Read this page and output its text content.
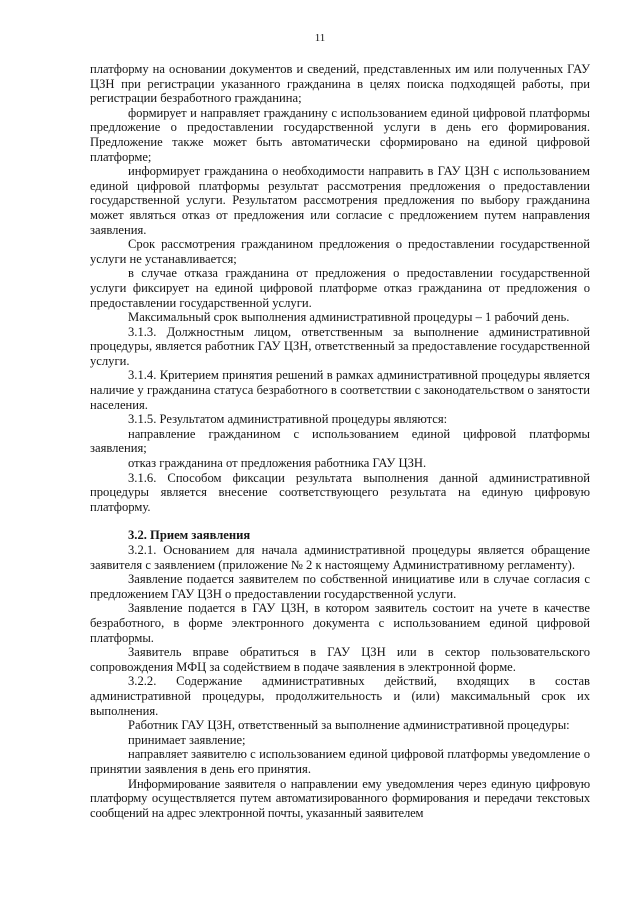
11

платформу на основании документов и сведений, представленных им или полученных ГАУ ЦЗН при регистрации указанного гражданина в целях поиска подходящей работы, при регистрации безработного гражданина;

формирует и направляет гражданину с использованием единой цифровой платформы предложение о предоставлении государственной услуги в день его формирования. Предложение также может быть автоматически сформировано на единой цифровой платформе;

информирует гражданина о необходимости направить в ГАУ ЦЗН с использованием единой цифровой платформы результат рассмотрения предложения о предоставлении государственной услуги. Результатом рассмотрения предложения по выбору гражданина может являться отказ от предложения или согласие с предложением путем направления заявления.

Срок рассмотрения гражданином предложения о предоставлении государственной услуги не устанавливается;

в случае отказа гражданина от предложения о предоставлении государственной услуги фиксирует на единой цифровой платформе отказ гражданина от предложения о предоставлении государственной услуги.

Максимальный срок выполнения административной процедуры – 1 рабочий день.

3.1.3. Должностным лицом, ответственным за выполнение административной процедуры, является работник ГАУ ЦЗН, ответственный за предоставление государственной услуги.

3.1.4. Критерием принятия решений в рамках административной процедуры является наличие у гражданина статуса безработного в соответствии с законодательством о занятости населения.

3.1.5. Результатом административной процедуры являются:

направление гражданином с использованием единой цифровой платформы заявления;

отказ гражданина от предложения работника ГАУ ЦЗН.

3.1.6. Способом фиксации результата выполнения данной административной процедуры является внесение соответствующего результата на единую цифровую платформу.

3.2. Прием заявления

3.2.1. Основанием для начала административной процедуры является обращение заявителя с заявлением (приложение № 2 к настоящему Административному регламенту).

Заявление подается заявителем по собственной инициативе или в случае согласия с предложением ГАУ ЦЗН о предоставлении государственной услуги.

Заявление подается в ГАУ ЦЗН, в котором заявитель состоит на учете в качестве безработного, в форме электронного документа с использованием единой цифровой платформы.

Заявитель вправе обратиться в ГАУ ЦЗН или в сектор пользовательского сопровождения МФЦ за содействием в подаче заявления в электронной форме.

3.2.2. Содержание административных действий, входящих в состав административной процедуры, продолжительность и (или) максимальный срок их выполнения.

Работник ГАУ ЦЗН, ответственный за выполнение административной процедуры:

принимает заявление;

направляет заявителю с использованием единой цифровой платформы уведомление о принятии заявления в день его принятия.

Информирование заявителя о направлении ему уведомления через единую цифровую платформу осуществляется путем автоматизированного формирования и передачи текстовых сообщений на адрес электронной почты, указанный заявителем
